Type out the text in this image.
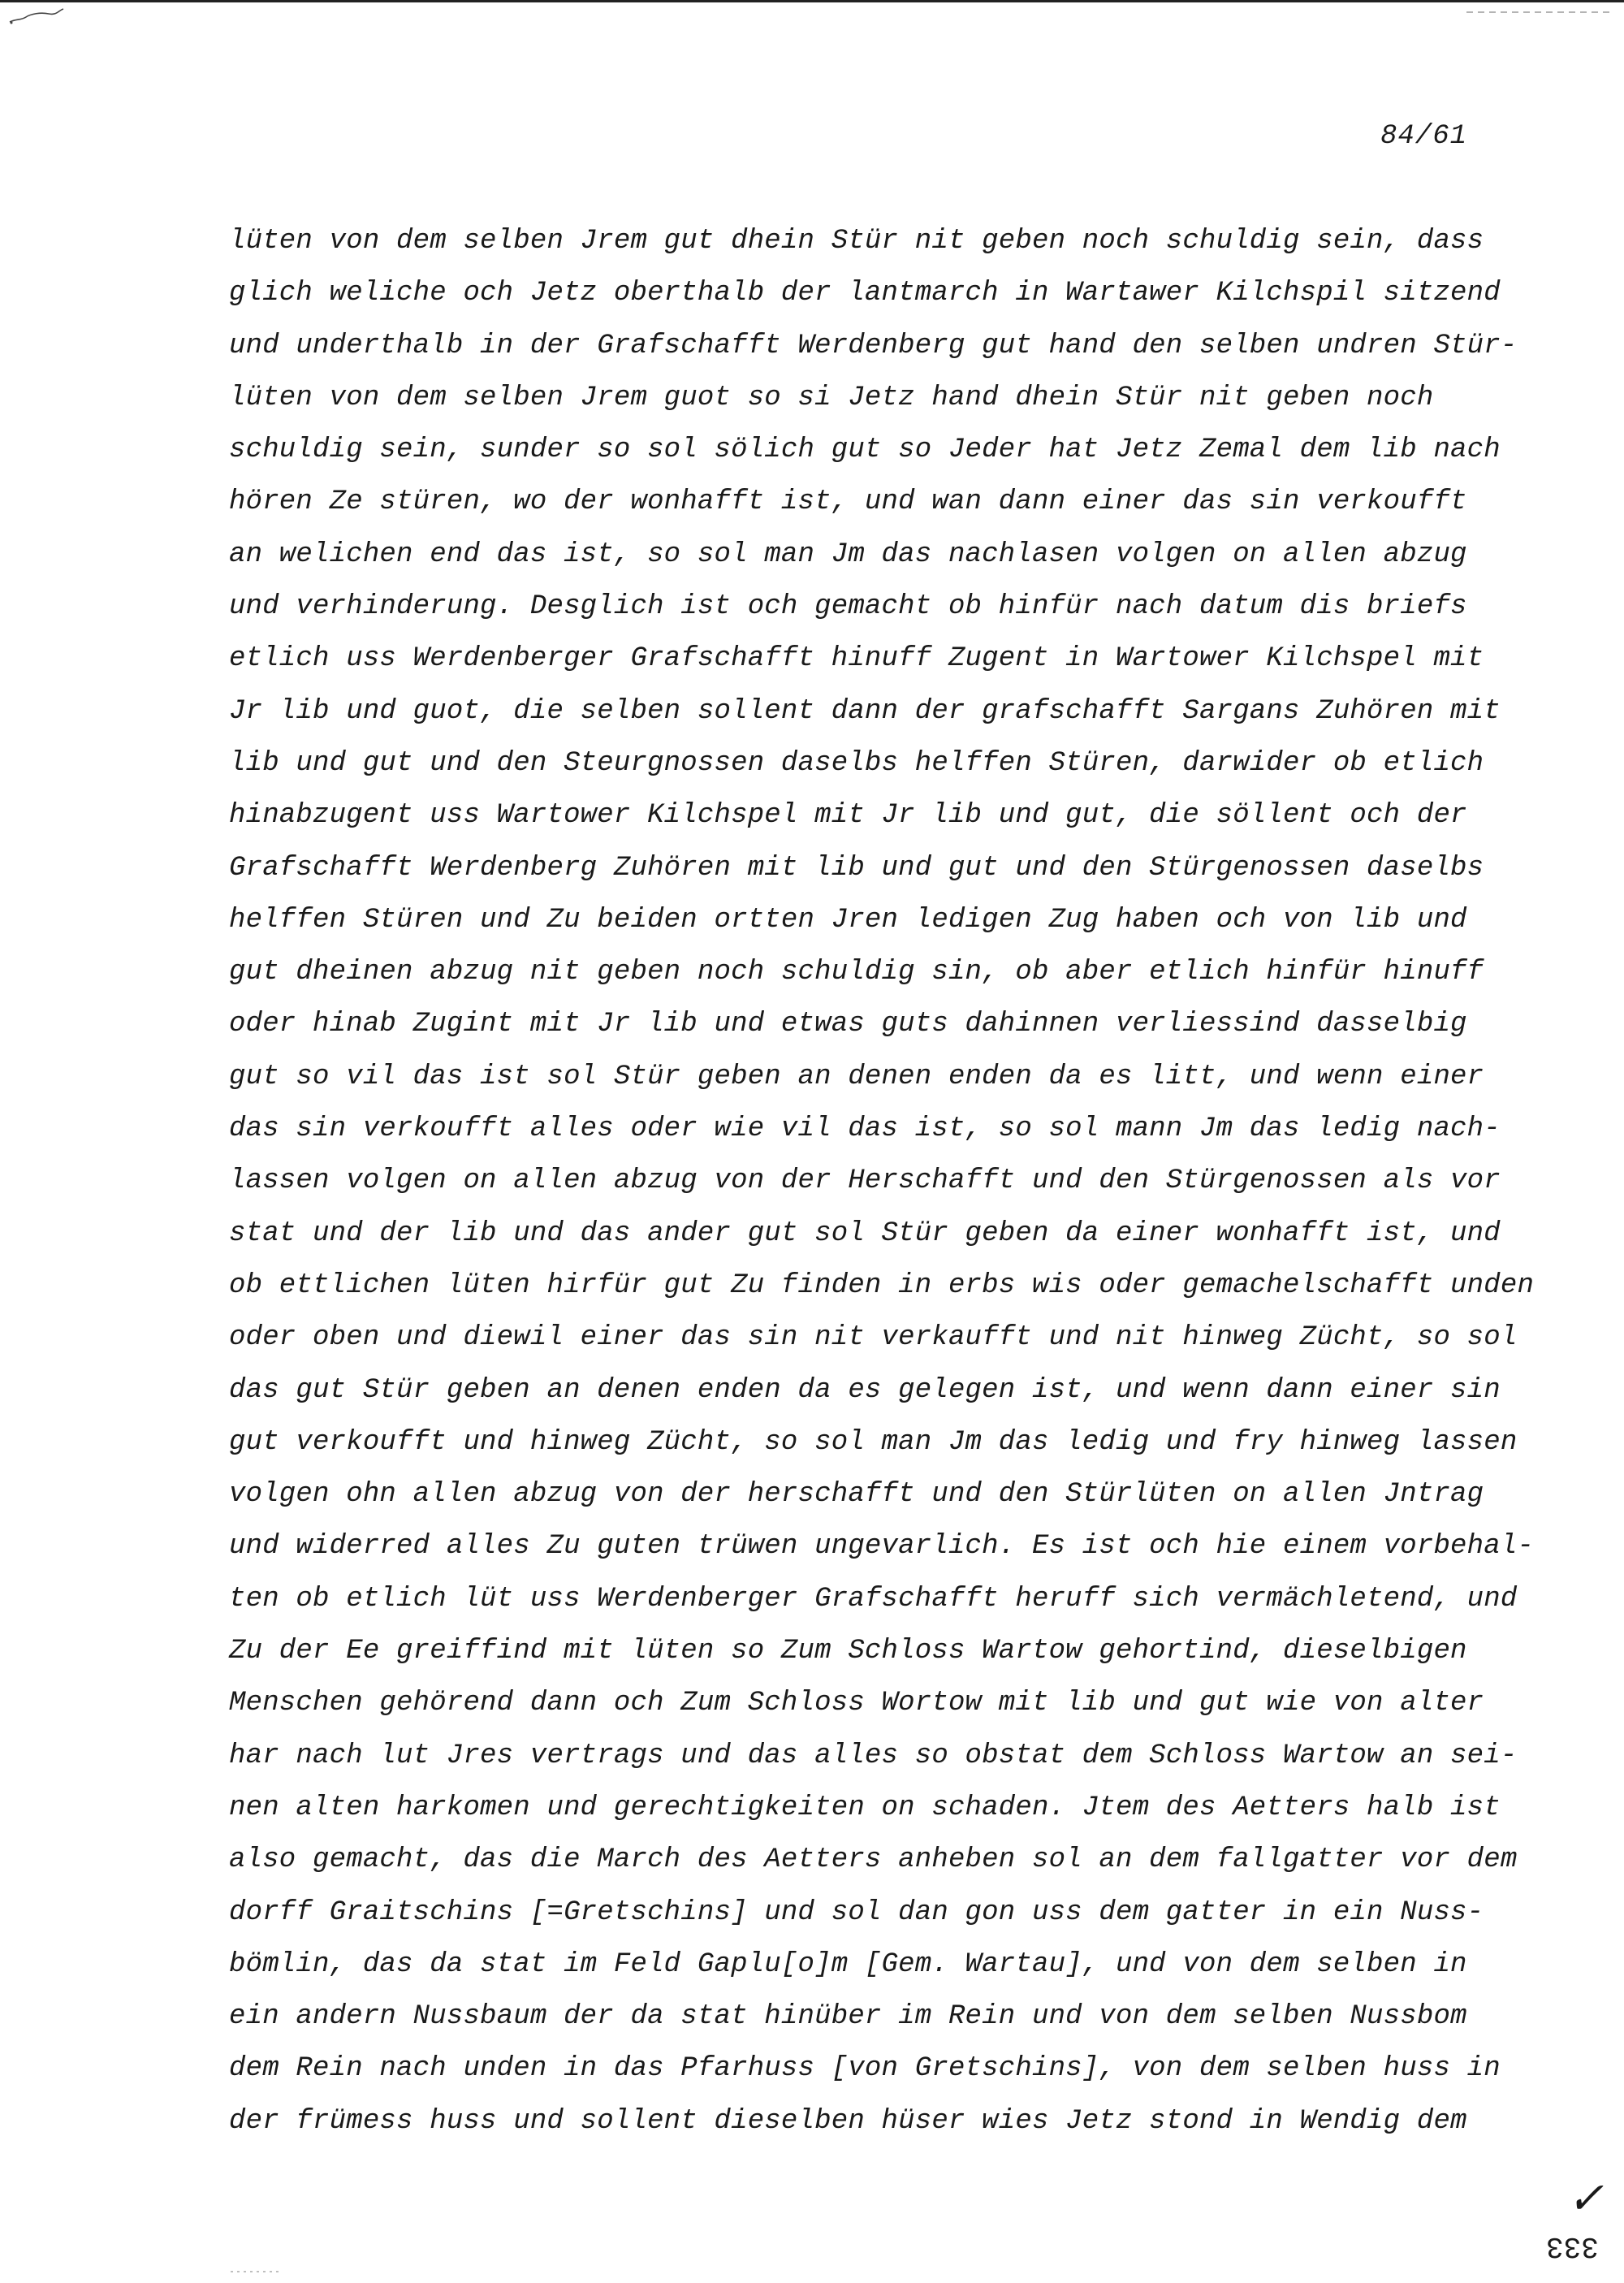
84/61
lüten von dem selben Jrem gut dhein Stür nit geben noch schuldig sein, dass
glich weliche och Jetz oberthalb der lantmarch in Wartawer Kilchspil sitzend
und underthalb in der Grafschafft Werdenberg gut hand den selben undren Stür-
lüten von dem selben Jrem guot so si Jetz hand dhein Stür nit geben noch
schuldig sein, sunder so sol sölich gut so Jeder hat Jetz Zemal dem lib nach
hören Ze stüren, wo der wonhafft ist, und wan dann einer das sin verkoufft
an welichen end das ist, so sol man Jm das nachlasen volgen on allen abzug
und verhinderung. Desglich ist och gemacht ob hinfür nach datum dis briefs
etlich uss Werdenberger Grafschafft hinuff Zugent in Wartower Kilchspel mit
Jr lib und guot, die selben sollent dann der grafschafft Sargans Zuhören mit
lib und gut und den Steurgnossen daselbs helffen Stüren, darwider ob etlich
hinabzugent uss Wartower Kilchspel mit Jr lib und gut, die söllent och der
Grafschafft Werdenberg Zuhören mit lib und gut und den Stürgenossen daselbs
helffen Stüren und Zu beiden ortten Jren ledigen Zug haben och von lib und
gut dheinen abzug nit geben noch schuldig sin, ob aber etlich hinfür hinuff
oder hinab Zugint mit Jr lib und etwas guts dahinnen verliessind dasselbig
gut so vil das ist sol Stür geben an denen enden da es litt, und wenn einer
das sin verkoufft alles oder wie vil das ist, so sol mann Jm das ledig nach-
lassen volgen on allen abzug von der Herschafft und den Stürgenossen als vor
stat und der lib und das ander gut sol Stür geben da einer wonhafft ist, und
ob ettlichen lüten hirfür gut Zu finden in erbs wis oder gemachelschafft unden
oder oben und diewil einer das sin nit verkaufft und nit hinweg Zücht, so sol
das gut Stür geben an denen enden da es gelegen ist, und wenn dann einer sin
gut verkoufft und hinweg Zücht, so sol man Jm das ledig und fry hinweg lassen
volgen ohn allen abzug von der herschafft und den Stürlüten on allen Jntrag
und widerred alles Zu guten trüwen ungevarlich. Es ist och hie einem vorbehal-
ten ob etlich lüt uss Werdenberger Grafschafft heruff sich vermächletend, und
Zu der Ee greiffind mit lüten so Zum Schloss Wartow gehortind, dieselbigen
Menschen gehörend dann och Zum Schloss Wortow mit lib und gut wie von alter
har nach lut Jres vertrags und das alles so obstat dem Schloss Wartow an sei-
nen alten harkomen und gerechtigkeiten on schaden. Jtem des Aetters halb ist
also gemacht, das die March des Aetters anheben sol an dem fallgatter vor dem
dorff Graitschins [=Gretschins] und sol dan gon uss dem gatter in ein Nuss-
bömlin, das da stat im Feld Gaplu[o]m [Gem. Wartau], und von dem selben in
ein andern Nussbaum der da stat hinüber im Rein und von dem selben Nussbom
dem Rein nach unden in das Pfarhuss [von Gretschins], von dem selben huss in
der frümess huss und sollent dieselben hüser wies Jetz stond in Wendig dem
✓
333
